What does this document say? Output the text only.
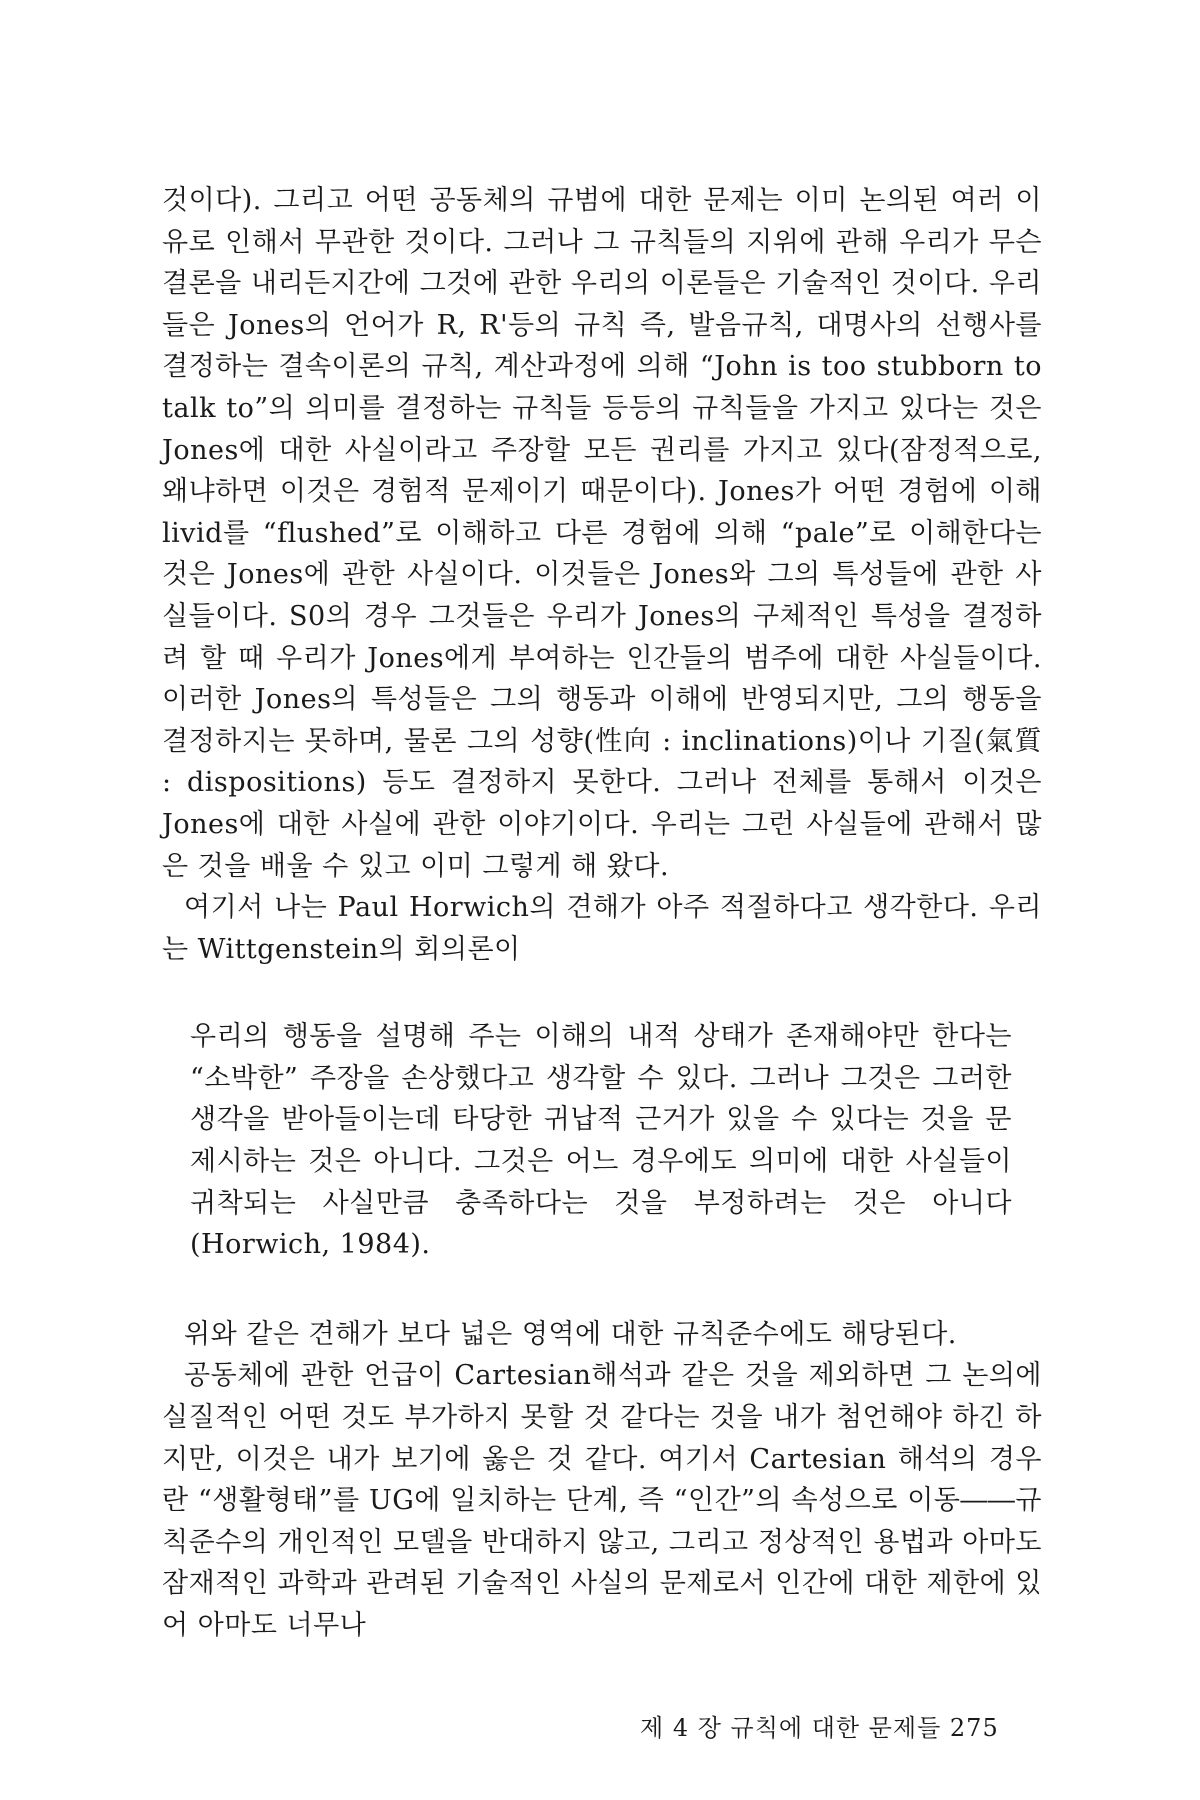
것이다). 그리고 어떤 공동체의 규범에 대한 문제는 이미 논의된 여러 이유로 인해서 무관한 것이다. 그러나 그 규칙들의 지위에 관해 우리가 무슨 결론을 내리든지간에 그것에 관한 우리의 이론들은 기술적인 것이다. 우리들은 Jones의 언어가 R, R'등의 규칙 즉, 발음규칙, 대명사의 선행사를 결정하는 결속이론의 규칙, 계산과정에 의해 “John is too stubborn to talk to”의 의미를 결정하는 규칙들 등등의 규칙들을 가지고 있다는 것은 Jones에 대한 사실이라고 주장할 모든 권리를 가지고 있다(잠정적으로, 왜냐하면 이것은 경험적 문제이기 때문이다). Jones가 어떤 경험에 이해 livid를 “flushed”로 이해하고 다른 경험에 의해 “pale”로 이해한다는 것은 Jones에 관한 사실이다. 이것들은 Jones와 그의 특성들에 관한 사실들이다. S0의 경우 그것들은 우리가 Jones의 구체적인 특성을 결정하려 할 때 우리가 Jones에게 부여하는 인간들의 범주에 대한 사실들이다. 이러한 Jones의 특성들은 그의 행동과 이해에 반영되지만, 그의 행동을 결정하지는 못하며, 물론 그의 성향(性向 : inclinations)이나 기질(氣質 : dispositions) 등도 결정하지 못한다. 그러나 전체를 통해서 이것은 Jones에 대한 사실에 관한 이야기이다. 우리는 그런 사실들에 관해서 많은 것을 배울 수 있고 이미 그렇게 해 왔다.

여기서 나는 Paul Horwich의 견해가 아주 적절하다고 생각한다. 우리는 Wittgenstein의 회의론이

우리의 행동을 설명해 주는 이해의 내적 상태가 존재해야만 한다는 “소박한” 주장을 손상했다고 생각할 수 있다. 그러나 그것은 그러한 생각을 받아들이는데 타당한 귀납적 근거가 있을 수 있다는 것을 문제시하는 것은 아니다. 그것은 어느 경우에도 의미에 대한 사실들이 귀착되는 사실만큼 충족하다는 것을 부정하려는 것은 아니다(Horwich, 1984).

위와 같은 견해가 보다 넓은 영역에 대한 규칙준수에도 해당된다.

공동체에 관한 언급이 Cartesian해석과 같은 것을 제외하면 그 논의에 실질적인 어떤 것도 부가하지 못할 것 같다는 것을 내가 첨언해야 하긴 하지만, 이것은 내가 보기에 옳은 것 같다. 여기서 Cartesian 해석의 경우란 “생활형태”를 UG에 일치하는 단계, 즉 “인간”의 속성으로 이동――규칙준수의 개인적인 모델을 반대하지 않고, 그리고 정상적인 용법과 아마도 잠재적인 과학과 관려된 기술적인 사실의 문제로서 인간에 대한 제한에 있어 아마도 너무나

제 4 장 규칙에 대한 문제들 275
